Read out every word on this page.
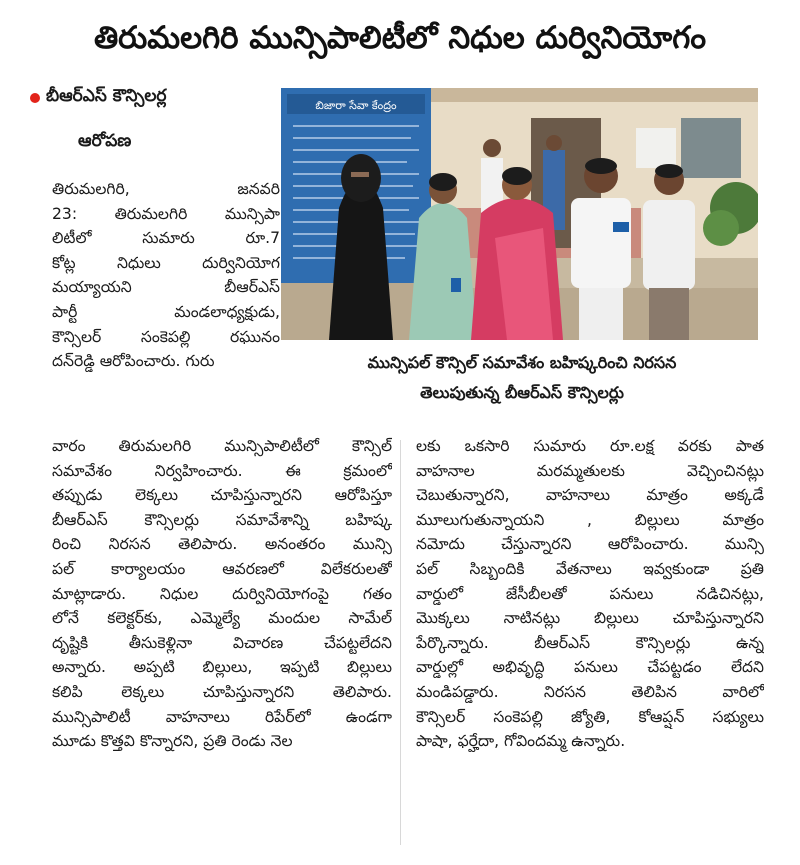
తిరుమలగిరి మున్సిపాలిటీలో నిధుల దుర్వినియోగం
బీఆర్ఎస్ కౌన్సిలర్ల
ఆరోపణ
తిరుమలగిరి, జనవరి
23: తిరుమలగిరి మున్సిపా
లిటీలో సుమారు రూ.7
కోట్ల నిధులు దుర్వినియోగ
మయ్యాయని బీఆర్ఎస్
పార్టీ మండలాధ్యక్షుడు,
కౌన్సిలర్ సంకెపల్లి రఘునం
దన్‌రెడ్డి ఆరోపించారు. గురు
బిజారా సేవా కేంద్రం
మున్సిపల్ కౌన్సిల్ సమావేశం బహిష్కరించి నిరసన
తెలుపుతున్న బీఆర్ఎస్ కౌన్సిలర్లు
వారం తిరుమలగిరి మున్సిపాలిటీలో కౌన్సిల్
సమావేశం నిర్వహించారు. ఈ క్రమంలో
తప్పుడు లెక్కలు చూపిస్తున్నారని ఆరోపిస్తూ
బీఆర్ఎస్ కౌన్సిలర్లు సమావేశాన్ని బహిష్క
రించి నిరసన తెలిపారు. అనంతరం మున్సి
పల్ కార్యాలయం ఆవరణలో విలేకరులతో
మాట్లాడారు. నిధుల దుర్వినియోగంపై గతం
లోనే కలెక్టర్‌కు, ఎమ్మెల్యే మందుల సామేల్
దృష్టికి తీసుకెళ్లినా విచారణ చేపట్టలేదని
అన్నారు. అప్పటి బిల్లులు, ఇప్పటి బిల్లులు
కలిపి లెక్కలు చూపిస్తున్నారని తెలిపారు.
మున్సిపాలిటీ వాహనాలు రిపేర్‌లో ఉండగా
మూడు కొత్తవి కొన్నారని, ప్రతి రెండు నెల
లకు ఒకసారి సుమారు రూ.లక్ష వరకు పాత
వాహనాల మరమ్మతులకు వెచ్చించినట్లు
చెబుతున్నారని, వాహనాలు మాత్రం అక్కడే
మూలుగుతున్నాయని , బిల్లులు మాత్రం
నమోదు చేస్తున్నారని ఆరోపించారు. మున్సి
పల్ సిబ్బందికి వేతనాలు ఇవ్వకుండా ప్రతి
వార్డులో జేసీబీలతో పనులు నడిచినట్లు,
మొక్కలు నాటినట్లు బిల్లులు చూపిస్తున్నారని
పేర్కొన్నారు. బీఆర్ఎస్ కౌన్సిలర్లు ఉన్న
వార్డుల్లో అభివృద్ధి పనులు చేపట్టడం లేదని
మండిపడ్డారు. నిరసన తెలిపిన వారిలో
కౌన్సిలర్ సంకెపల్లి జ్యోతి, కోఆప్షన్ సభ్యులు
పాషా, ఫర్హేదా, గోవిందమ్మ ఉన్నారు.
